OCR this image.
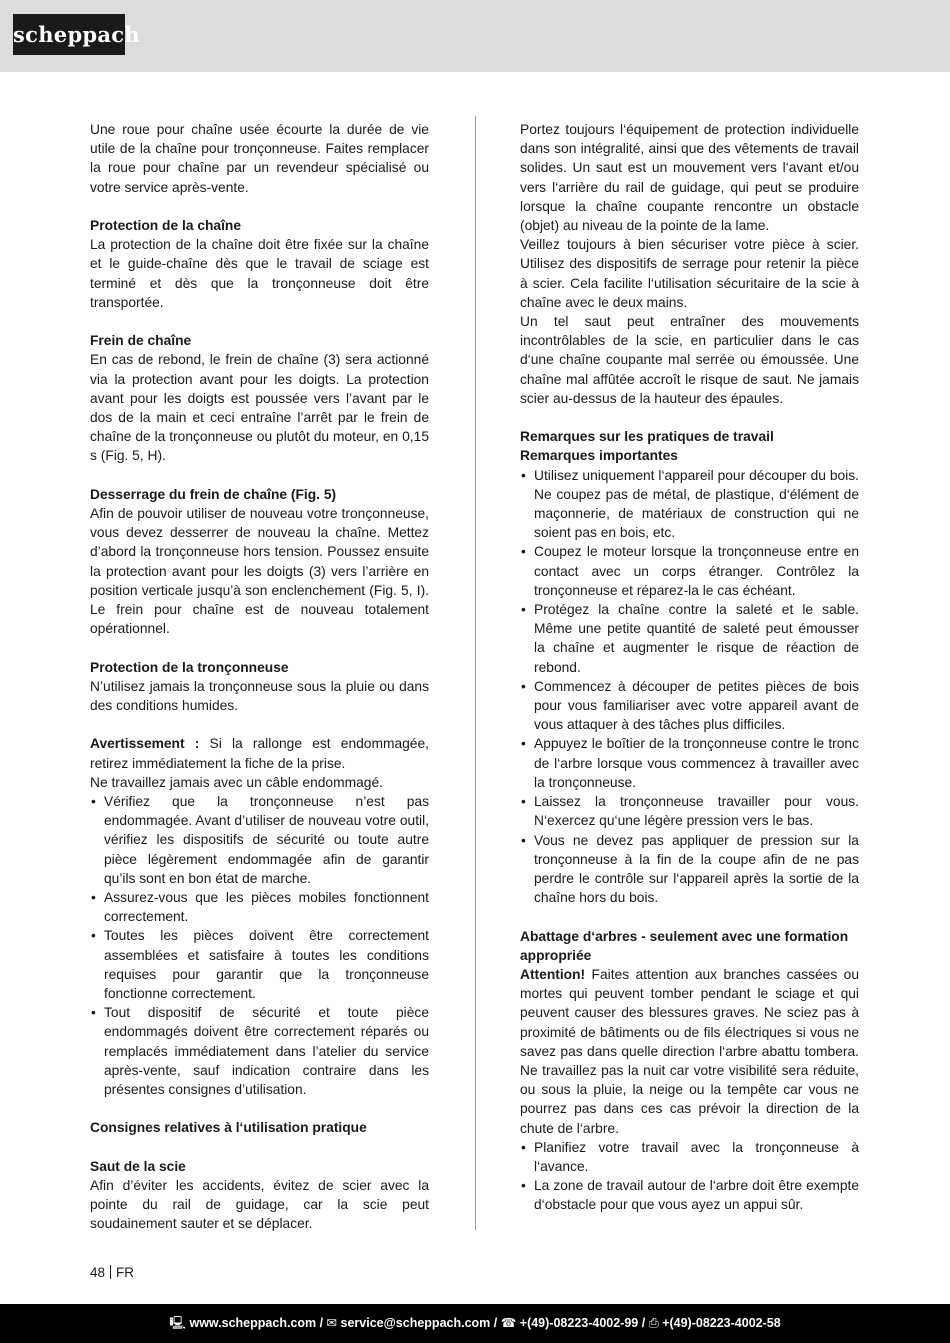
scheppach

Une roue pour chaîne usée écourte la durée de vie utile de la chaîne pour tronçonneuse. Faites remplacer la roue pour chaîne par un revendeur spécialisé ou votre service après-vente.

Protection de la chaîne

La protection de la chaîne doit être fixée sur la chaîne et le guide-chaîne dès que le travail de sciage est terminé et dès que la tronçonneuse doit être transportée.

Frein de chaîne

En cas de rebond, le frein de chaîne (3) sera actionné via la protection avant pour les doigts. La protection avant pour les doigts est poussée vers l’avant par le dos de la main et ceci entraîne l’arrêt par le frein de chaîne de la tronçonneuse ou plutôt du moteur, en 0,15 s (Fig. 5, H).

Desserrage du frein de chaîne (Fig. 5)

Afin de pouvoir utiliser de nouveau votre tronçonneuse, vous devez desserrer de nouveau la chaîne. Mettez d’abord la tronçonneuse hors tension. Poussez ensuite la protection avant pour les doigts (3) vers l’arrière en position verticale jusqu’à son enclenchement (Fig. 5, I). Le frein pour chaîne est de nouveau totalement opérationnel.

Protection de la tronçonneuse

N’utilisez jamais la tronçonneuse sous la pluie ou dans des conditions humides.

Avertissement : Si la rallonge est endommagée, retirez immédiatement la fiche de la prise.

Ne travaillez jamais avec un câble endommagé.

• Vérifiez que la tronçonneuse n’est pas endommagée. Avant d’utiliser de nouveau votre outil, vérifiez les dispositifs de sécurité ou toute autre pièce légèrement endommagée afin de garantir qu’ils sont en bon état de marche.
• Assurez-vous que les pièces mobiles fonctionnent correctement.
• Toutes les pièces doivent être correctement assemblées et satisfaire à toutes les conditions requises pour garantir que la tronçonneuse fonctionne correctement.
• Tout dispositif de sécurité et toute pièce endommagés doivent être correctement réparés ou remplacés immédiatement dans l’atelier du service après-vente, sauf indication contraire dans les présentes consignes d’utilisation.

Consignes relatives à l‘utilisation pratique

Saut de la scie

Afin d’éviter les accidents, évitez de scier avec la pointe du rail de guidage, car la scie peut soudainement sauter et se déplacer.

Portez toujours l‘équipement de protection individuelle dans son intégralité, ainsi que des vêtements de travail solides. Un saut est un mouvement vers l‘avant et/ou vers l‘arrière du rail de guidage, qui peut se produire lorsque la chaîne coupante rencontre un obstacle (objet) au niveau de la pointe de la lame.

Veillez toujours à bien sécuriser votre pièce à scier. Utilisez des dispositifs de serrage pour retenir la pièce à scier. Cela facilite l‘utilisation sécuritaire de la scie à chaîne avec le deux mains.

Un tel saut peut entraîner des mouvements incontrôlables de la scie, en particulier dans le cas d‘une chaîne coupante mal serrée ou émoussée. Une chaîne mal affûtée accroît le risque de saut. Ne jamais scier au-dessus de la hauteur des épaules.

Remarques sur les pratiques de travail

Remarques importantes

• Utilisez uniquement l‘appareil pour découper du bois. Ne coupez pas de métal, de plastique, d‘élément de maçonnerie, de matériaux de construction qui ne soient pas en bois, etc.
• Coupez le moteur lorsque la tronçonneuse entre en contact avec un corps étranger. Contrôlez la tronçonneuse et réparez-la le cas échéant.
• Protégez la chaîne contre la saleté et le sable. Même une petite quantité de saleté peut émousser la chaîne et augmenter le risque de réaction de rebond.
• Commencez à découper de petites pièces de bois pour vous familiariser avec votre appareil avant de vous attaquer à des tâches plus difficiles.
• Appuyez le boîtier de la tronçonneuse contre le tronc de l‘arbre lorsque vous commencez à travailler avec la tronçonneuse.
• Laissez la tronçonneuse travailler pour vous. N‘exercez qu‘une légère pression vers le bas.
• Vous ne devez pas appliquer de pression sur la tronçonneuse à la fin de la coupe afin de ne pas perdre le contrôle sur l‘appareil après la sortie de la chaîne hors du bois.

Abattage d‘arbres - seulement avec une formation appropriée

Attention! Faites attention aux branches cassées ou mortes qui peuvent tomber pendant le sciage et qui peuvent causer des blessures graves. Ne sciez pas à proximité de bâtiments ou de fils électriques si vous ne savez pas dans quelle direction l‘arbre abattu tombera. Ne travaillez pas la nuit car votre visibilité sera réduite, ou sous la pluie, la neige ou la tempête car vous ne pourrez pas dans ces cas prévoir la direction de la chute de l‘arbre.

• Planifiez votre travail avec la tronçonneuse à l‘avance.
• La zone de travail autour de l‘arbre doit être exempte d‘obstacle pour que vous ayez un appui sûr.
48 FR
🖳 www.scheppach.com / ✉ service@scheppach.com / ☎ +(49)-08223-4002-99 / ⎙ +(49)-08223-4002-58
